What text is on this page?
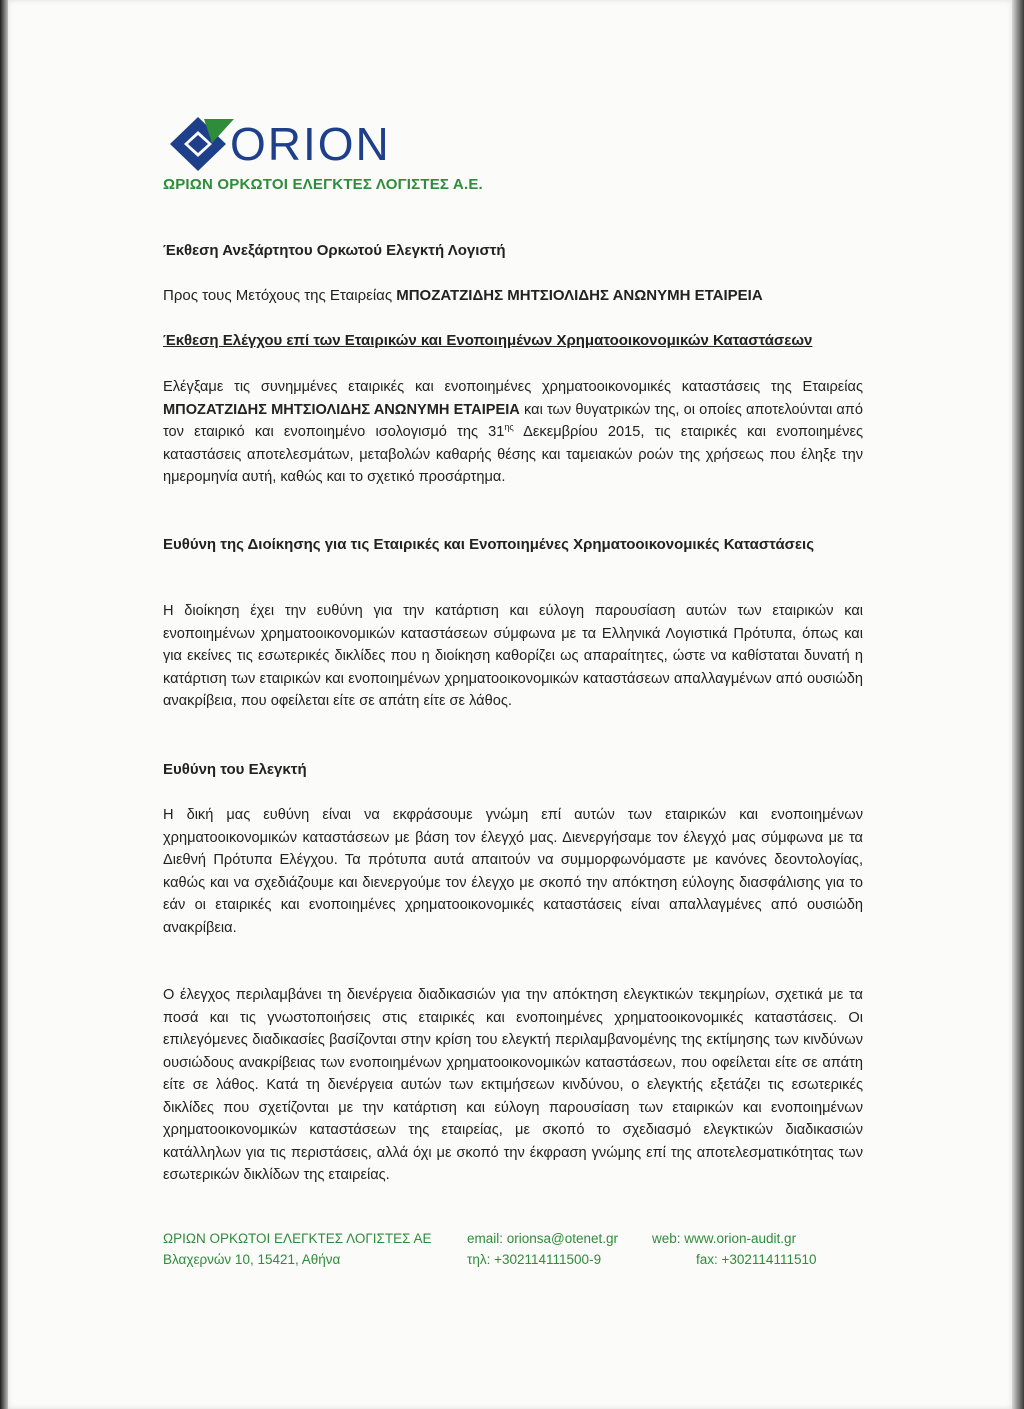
ORION
ΩΡΙΩΝ ΟΡΚΩΤΟΙ ΕΛΕΓΚΤΕΣ ΛΟΓΙΣΤΕΣ Α.Ε.
Έκθεση Ανεξάρτητου Ορκωτού Ελεγκτή Λογιστή
Προς τους Μετόχους της Εταιρείας ΜΠΟΖΑΤΖΙΔΗΣ ΜΗΤΣΙΟΛΙΔΗΣ ΑΝΩΝΥΜΗ ΕΤΑΙΡΕΙΑ
Έκθεση Ελέγχου επί των Εταιρικών και Ενοποιημένων Χρηματοοικονομικών Καταστάσεων
Ελέγξαμε τις συνημμένες εταιρικές και ενοποιημένες χρηματοοικονομικές καταστάσεις της Εταιρείας ΜΠΟΖΑΤΖΙΔΗΣ ΜΗΤΣΙΟΛΙΔΗΣ ΑΝΩΝΥΜΗ ΕΤΑΙΡΕΙΑ και των θυγατρικών της, οι οποίες αποτελούνται από τον εταιρικό και ενοποιημένο ισολογισμό της $31^{\eta\varsigma}$ Δεκεμβρίου 2015, τις εταιρικές και ενοποιημένες καταστάσεις αποτελεσμάτων, μεταβολών καθαρής θέσης και ταμειακών ροών της χρήσεως που έληξε την ημερομηνία αυτή, καθώς και το σχετικό προσάρτημα.
Ευθύνη της Διοίκησης για τις Εταιρικές και Ενοποιημένες Χρηματοοικονομικές Καταστάσεις
Η διοίκηση έχει την ευθύνη για την κατάρτιση και εύλογη παρουσίαση αυτών των εταιρικών και ενοποιημένων χρηματοοικονομικών καταστάσεων σύμφωνα με τα Ελληνικά Λογιστικά Πρότυπα, όπως και για εκείνες τις εσωτερικές δικλίδες που η διοίκηση καθορίζει ως απαραίτητες, ώστε να καθίσταται δυνατή η κατάρτιση των εταιρικών και ενοποιημένων χρηματοοικονομικών καταστάσεων απαλλαγμένων από ουσιώδη ανακρίβεια, που οφείλεται είτε σε απάτη είτε σε λάθος.
Ευθύνη του Ελεγκτή
Η δική μας ευθύνη είναι να εκφράσουμε γνώμη επί αυτών των εταιρικών και ενοποιημένων χρηματοοικονομικών καταστάσεων με βάση τον έλεγχό μας. Διενεργήσαμε τον έλεγχό μας σύμφωνα με τα Διεθνή Πρότυπα Ελέγχου. Τα πρότυπα αυτά απαιτούν να συμμορφωνόμαστε με κανόνες δεοντολογίας, καθώς και να σχεδιάζουμε και διενεργούμε τον έλεγχο με σκοπό την απόκτηση εύλογης διασφάλισης για το εάν οι εταιρικές και ενοποιημένες χρηματοοικονομικές καταστάσεις είναι απαλλαγμένες από ουσιώδη ανακρίβεια.
Ο έλεγχος περιλαμβάνει τη διενέργεια διαδικασιών για την απόκτηση ελεγκτικών τεκμηρίων, σχετικά με τα ποσά και τις γνωστοποιήσεις στις εταιρικές και ενοποιημένες χρηματοοικονομικές καταστάσεις. Οι επιλεγόμενες διαδικασίες βασίζονται στην κρίση του ελεγκτή περιλαμβανομένης της εκτίμησης των κινδύνων ουσιώδους ανακρίβειας των ενοποιημένων χρηματοοικονομικών καταστάσεων, που οφείλεται είτε σε απάτη είτε σε λάθος. Κατά τη διενέργεια αυτών των εκτιμήσεων κινδύνου, ο ελεγκτής εξετάζει τις εσωτερικές δικλίδες που σχετίζονται με την κατάρτιση και εύλογη παρουσίαση των εταιρικών και ενοποιημένων χρηματοοικονομικών καταστάσεων της εταιρείας, με σκοπό το σχεδιασμό ελεγκτικών διαδικασιών κατάλληλων για τις περιστάσεις, αλλά όχι με σκοπό την έκφραση γνώμης επί της αποτελεσματικότητας των εσωτερικών δικλίδων της εταιρείας.
ΩΡΙΩΝ ΟΡΚΩΤΟΙ ΕΛΕΓΚΤΕΣ ΛΟΓΙΣΤΕΣ ΑΕ
Βλαχερνών 10, 15421, Αθήνα
email: orionsa@otenet.gr
τηλ: +302114111500-9
web: www.orion-audit.gr
fax: +302114111510
